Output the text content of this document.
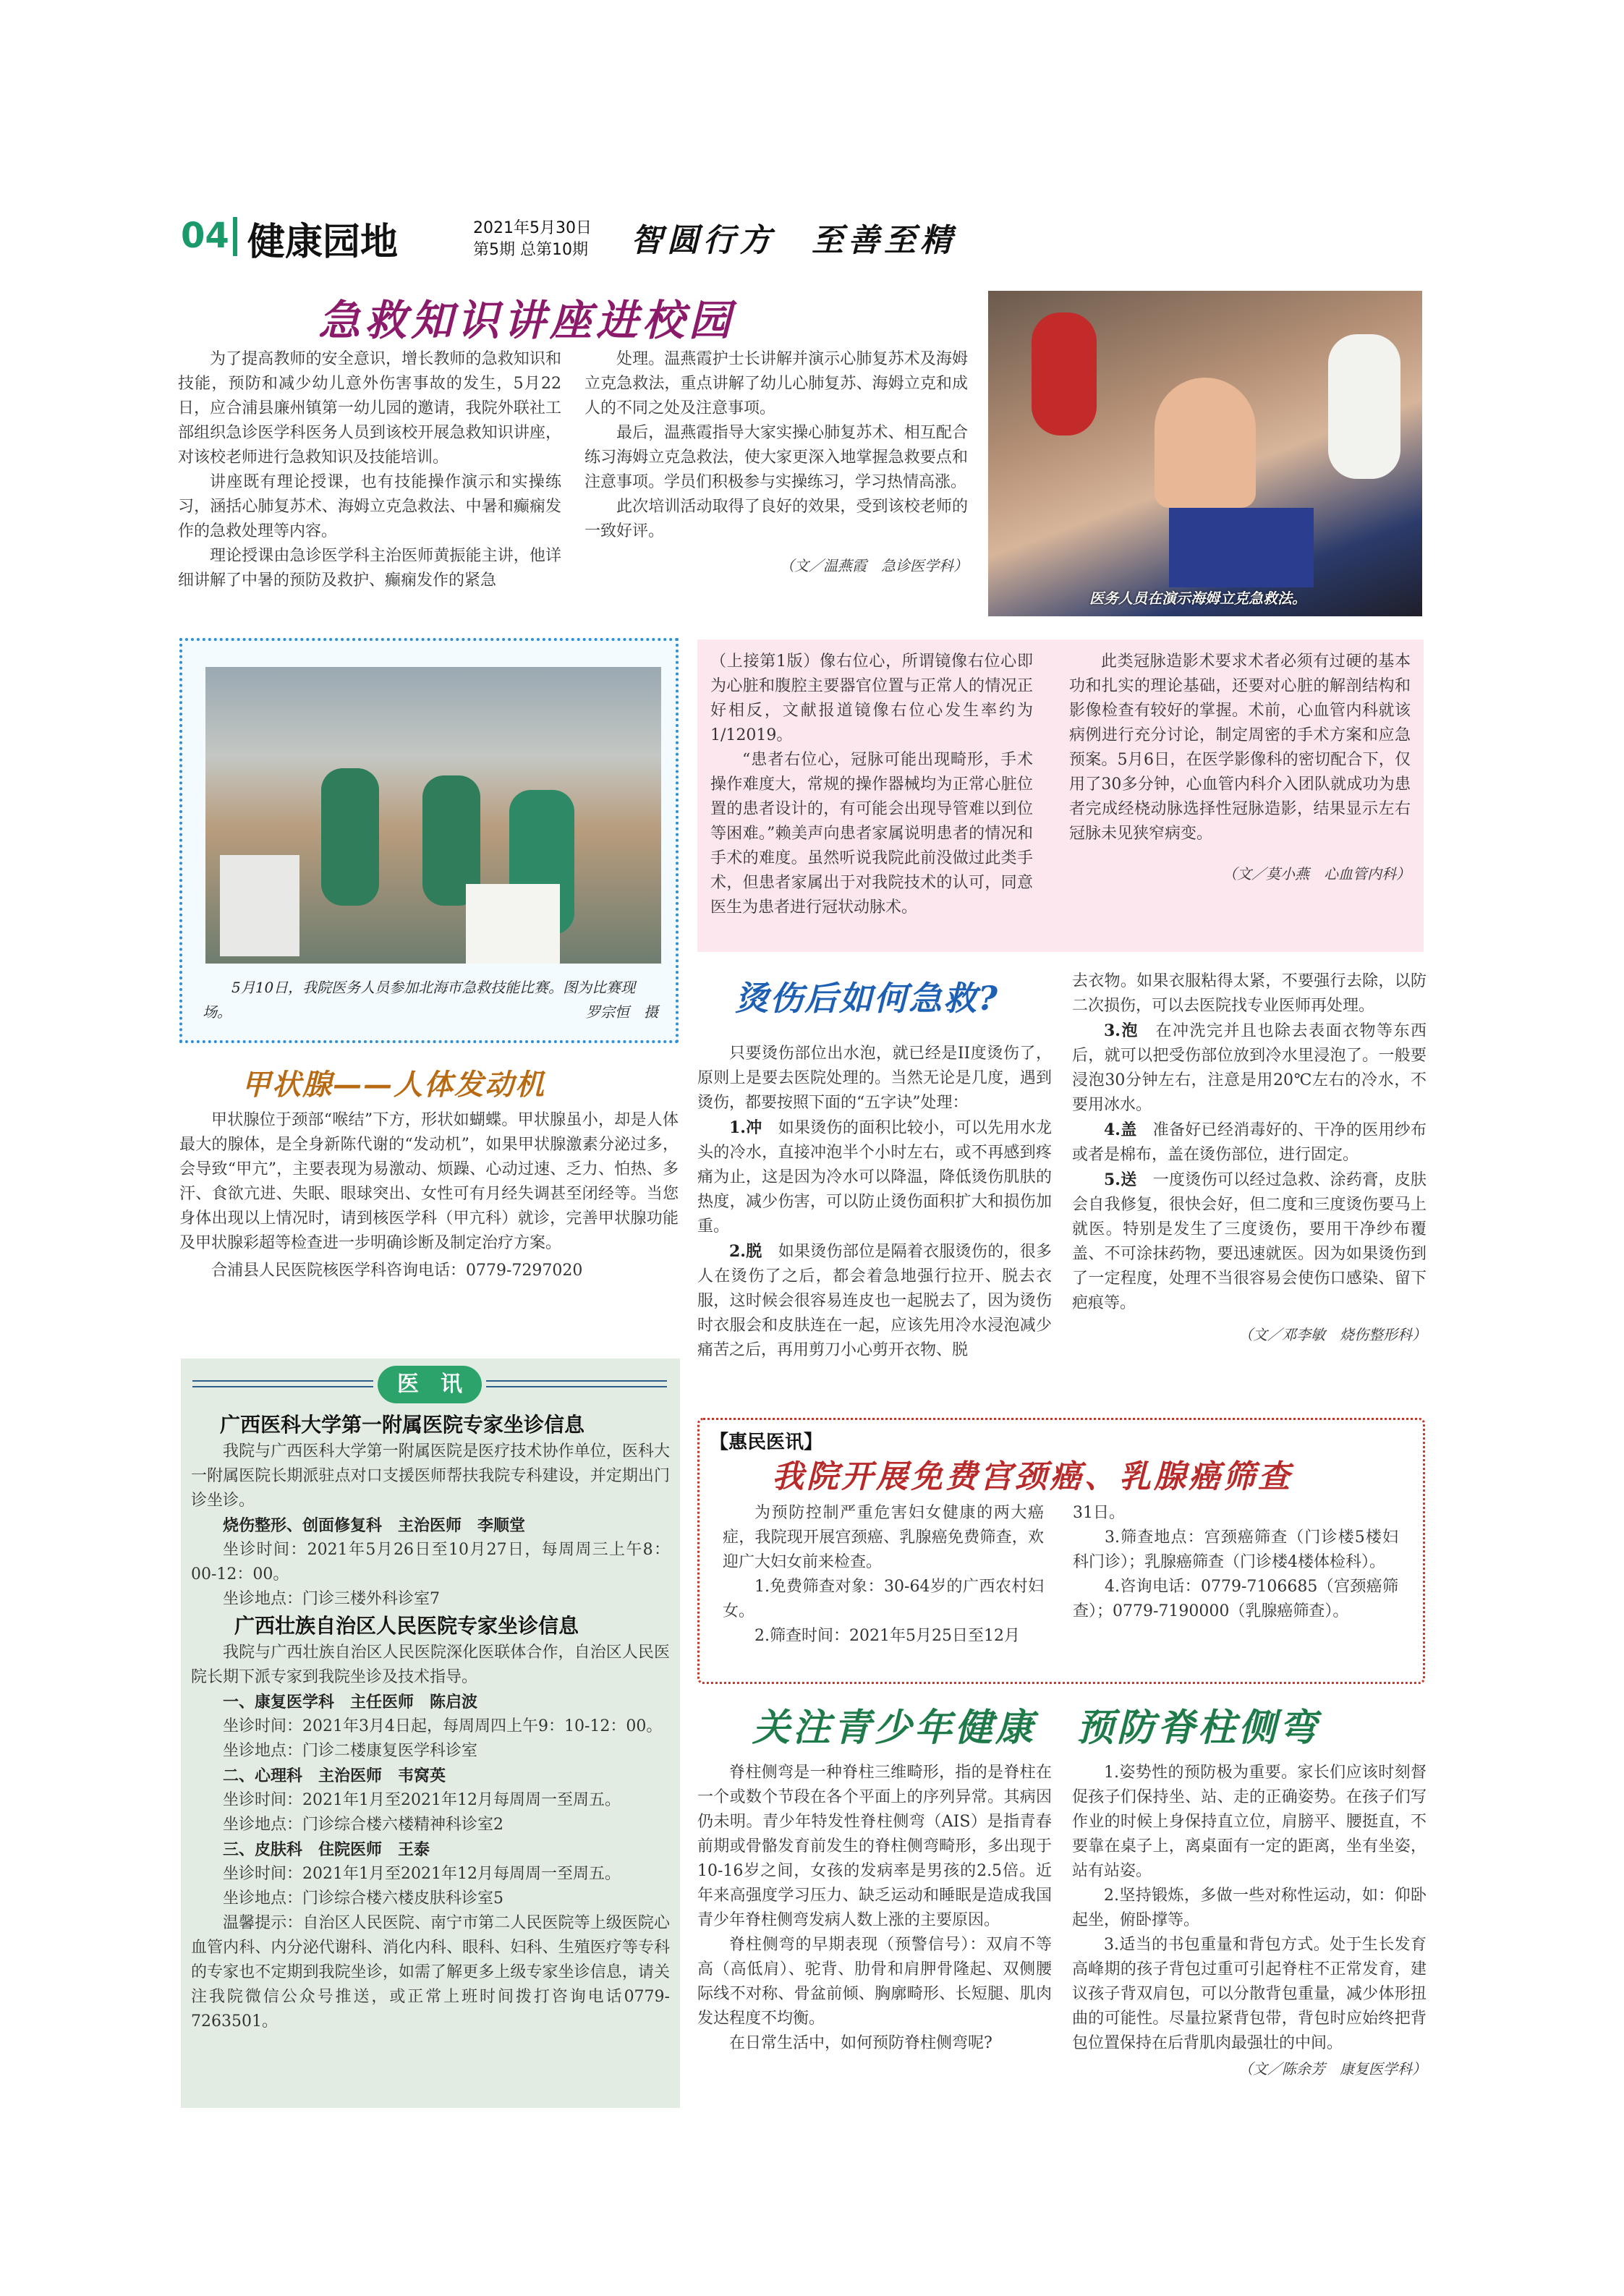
04 健康园地	2021年5月30日
第5期 总第10期 智圆行方　至善至精
急救知识讲座进校园

为了提高教师的安全意识，增长教师的急救知识和技能，预防和减少幼儿意外伤害事故的发生，5月22日，应合浦县廉州镇第一幼儿园的邀请，我院外联社工部组织急诊医学科医务人员到该校开展急救知识讲座，对该校老师进行急救知识及技能培训。

讲座既有理论授课，也有技能操作演示和实操练习，涵括心肺复苏术、海姆立克急救法、中暑和癫痫发作的急救处理等内容。

理论授课由急诊医学科主治医师黄振能主讲，他详细讲解了中暑的预防及救护、癫痫发作的紧急

处理。温燕霞护士长讲解并演示心肺复苏术及海姆立克急救法，重点讲解了幼儿心肺复苏、海姆立克和成人的不同之处及注意事项。

最后，温燕霞指导大家实操心肺复苏术、相互配合练习海姆立克急救法，使大家更深入地掌握急救要点和注意事项。学员们积极参与实操练习，学习热情高涨。

此次培训活动取得了良好的效果，受到该校老师的一致好评。

（文／温燕霞　急诊医学科）
医务人员在演示海姆立克急救法。
5月10日，我院医务人员参加北海市急救技能比赛。图为比赛现场。	罗宗恒　摄

（上接第1版）像右位心，所谓镜像右位心即为心脏和腹腔主要器官位置与正常人的情况正好相反，文献报道镜像右位心发生率约为1/12019。

“患者右位心，冠脉可能出现畸形，手术操作难度大，常规的操作器械均为正常心脏位置的患者设计的，有可能会出现导管难以到位等困难。”赖美声向患者家属说明患者的情况和手术的难度。虽然听说我院此前没做过此类手术，但患者家属出于对我院技术的认可，同意医生为患者进行冠状动脉术。

此类冠脉造影术要求术者必须有过硬的基本功和扎实的理论基础，还要对心脏的解剖结构和影像检查有较好的掌握。术前，心血管内科就该病例进行充分讨论，制定周密的手术方案和应急预案。5月6日，在医学影像科的密切配合下，仅用了30多分钟，心血管内科介入团队就成功为患者完成经桡动脉选择性冠脉造影，结果显示左右冠脉未见狭窄病变。

（文／莫小燕　心血管内科）
甲状腺——人体发动机

甲状腺位于颈部“喉结”下方，形状如蝴蝶。甲状腺虽小，却是人体最大的腺体，是全身新陈代谢的“发动机”，如果甲状腺激素分泌过多，会导致“甲亢”，主要表现为易激动、烦躁、心动过速、乏力、怕热、多汗、食欲亢进、失眠、眼球突出、女性可有月经失调甚至闭经等。当您身体出现以上情况时，请到核医学科（甲亢科）就诊，完善甲状腺功能及甲状腺彩超等检查进一步明确诊断及制定治疗方案。

合浦县人民医院核医学科咨询电话：0779-7297020

烫伤后如何急救?

只要烫伤部位出水泡，就已经是II度烫伤了，原则上是要去医院处理的。当然无论是几度，遇到烫伤，都要按照下面的“五字诀”处理：

1.冲　 如果烫伤的面积比较小，可以先用水龙头的冷水，直接冲泡半个小时左右，或不再感到疼痛为止，这是因为冷水可以降温，降低烫伤肌肤的热度，减少伤害，可以防止烫伤面积扩大和损伤加重。

2.脱　 如果烫伤部位是隔着衣服烫伤的，很多人在烫伤了之后，都会着急地强行拉开、脱去衣服，这时候会很容易连皮也一起脱去了，因为烫伤时衣服会和皮肤连在一起，应该先用冷水浸泡减少痛苦之后，再用剪刀小心剪开衣物、脱

去衣物。如果衣服粘得太紧，不要强行去除，以防二次损伤，可以去医院找专业医师再处理。

3.泡　 在冲洗完并且也除去表面衣物等东西后，就可以把受伤部位放到冷水里浸泡了。一般要浸泡30分钟左右，注意是用20℃左右的冷水，不要用冰水。

4.盖　 准备好已经消毒好的、干净的医用纱布或者是棉布，盖在烫伤部位，进行固定。

5.送　 一度烫伤可以经过急救、涂药膏，皮肤会自我修复，很快会好，但二度和三度烫伤要马上就医。特别是发生了三度烫伤，要用干净纱布覆盖、不可涂抹药物，要迅速就医。因为如果烫伤到了一定程度，处理不当很容易会使伤口感染、留下疤痕等。

（文／邓李敏　烧伤整形科）
医　讯
广西医科大学第一附属医院专家坐诊信息

我院与广西医科大学第一附属医院是医疗技术协作单位，医科大一附属医院长期派驻点对口支援医师帮扶我院专科建设，并定期出门诊坐诊。

烧伤整形、创面修复科　主治医师　李顺堂

坐诊时间：2021年5月26日至10月27日，每周周三上午8：00-12：00。

坐诊地点：门诊三楼外科诊室7

广西壮族自治区人民医院专家坐诊信息

我院与广西壮族自治区人民医院深化医联体合作，自治区人民医院长期下派专家到我院坐诊及技术指导。

一、康复医学科　主任医师　陈启波

坐诊时间：2021年3月4日起，每周周四上午9：10-12：00。

坐诊地点：门诊二楼康复医学科诊室

二、心理科　主治医师　韦窝英

坐诊时间：2021年1月至2021年12月每周周一至周五。

坐诊地点：门诊综合楼六楼精神科诊室2

三、皮肤科　住院医师　王泰

坐诊时间：2021年1月至2021年12月每周周一至周五。

坐诊地点：门诊综合楼六楼皮肤科诊室5

温馨提示：自治区人民医院、南宁市第二人民医院等上级医院心血管内科、内分泌代谢科、消化内科、眼科、妇科、生殖医疗等专科的专家也不定期到我院坐诊，如需了解更多上级专家坐诊信息，请关注我院微信公众号推送，或正常上班时间拨打咨询电话0779-7263501。

【惠民医讯】
我院开展免费宫颈癌、乳腺癌筛查

为预防控制严重危害妇女健康的两大癌症，我院现开展宫颈癌、乳腺癌免费筛查，欢迎广大妇女前来检查。

1.免费筛查对象：30-64岁的广西农村妇女。

2.筛查时间：2021年5月25日至12月

31日。

3.筛查地点：宫颈癌筛查（门诊楼5楼妇科门诊）；乳腺癌筛查（门诊楼4楼体检科）。

4.咨询电话：0779-7106685（宫颈癌筛查）；0779-7190000（乳腺癌筛查）。

关注青少年健康　预防脊柱侧弯

脊柱侧弯是一种脊柱三维畸形，指的是脊柱在一个或数个节段在各个平面上的序列异常。其病因仍未明。青少年特发性脊柱侧弯（AIS）是指青春前期或骨骼发育前发生的脊柱侧弯畸形，多出现于10-16岁之间，女孩的发病率是男孩的2.5倍。近年来高强度学习压力、缺乏运动和睡眠是造成我国青少年脊柱侧弯发病人数上涨的主要原因。

脊柱侧弯的早期表现（预警信号）：双肩不等高（高低肩）、驼背、肋骨和肩胛骨隆起、双侧腰际线不对称、骨盆前倾、胸廓畸形、长短腿、肌肉发达程度不均衡。

在日常生活中，如何预防脊柱侧弯呢?

1.姿势性的预防极为重要。家长们应该时刻督促孩子们保持坐、站、走的正确姿势。在孩子们写作业的时候上身保持直立位，肩膀平、腰挺直，不要靠在桌子上，离桌面有一定的距离，坐有坐姿，站有站姿。

2.坚持锻炼，多做一些对称性运动，如：仰卧起坐，俯卧撑等。

3.适当的书包重量和背包方式。处于生长发育高峰期的孩子背包过重可引起脊柱不正常发育，建议孩子背双肩包，可以分散背包重量，减少体形扭曲的可能性。尽量拉紧背包带，背包时应始终把背包位置保持在后背肌肉最强壮的中间。

（文／陈余芳　康复医学科）
